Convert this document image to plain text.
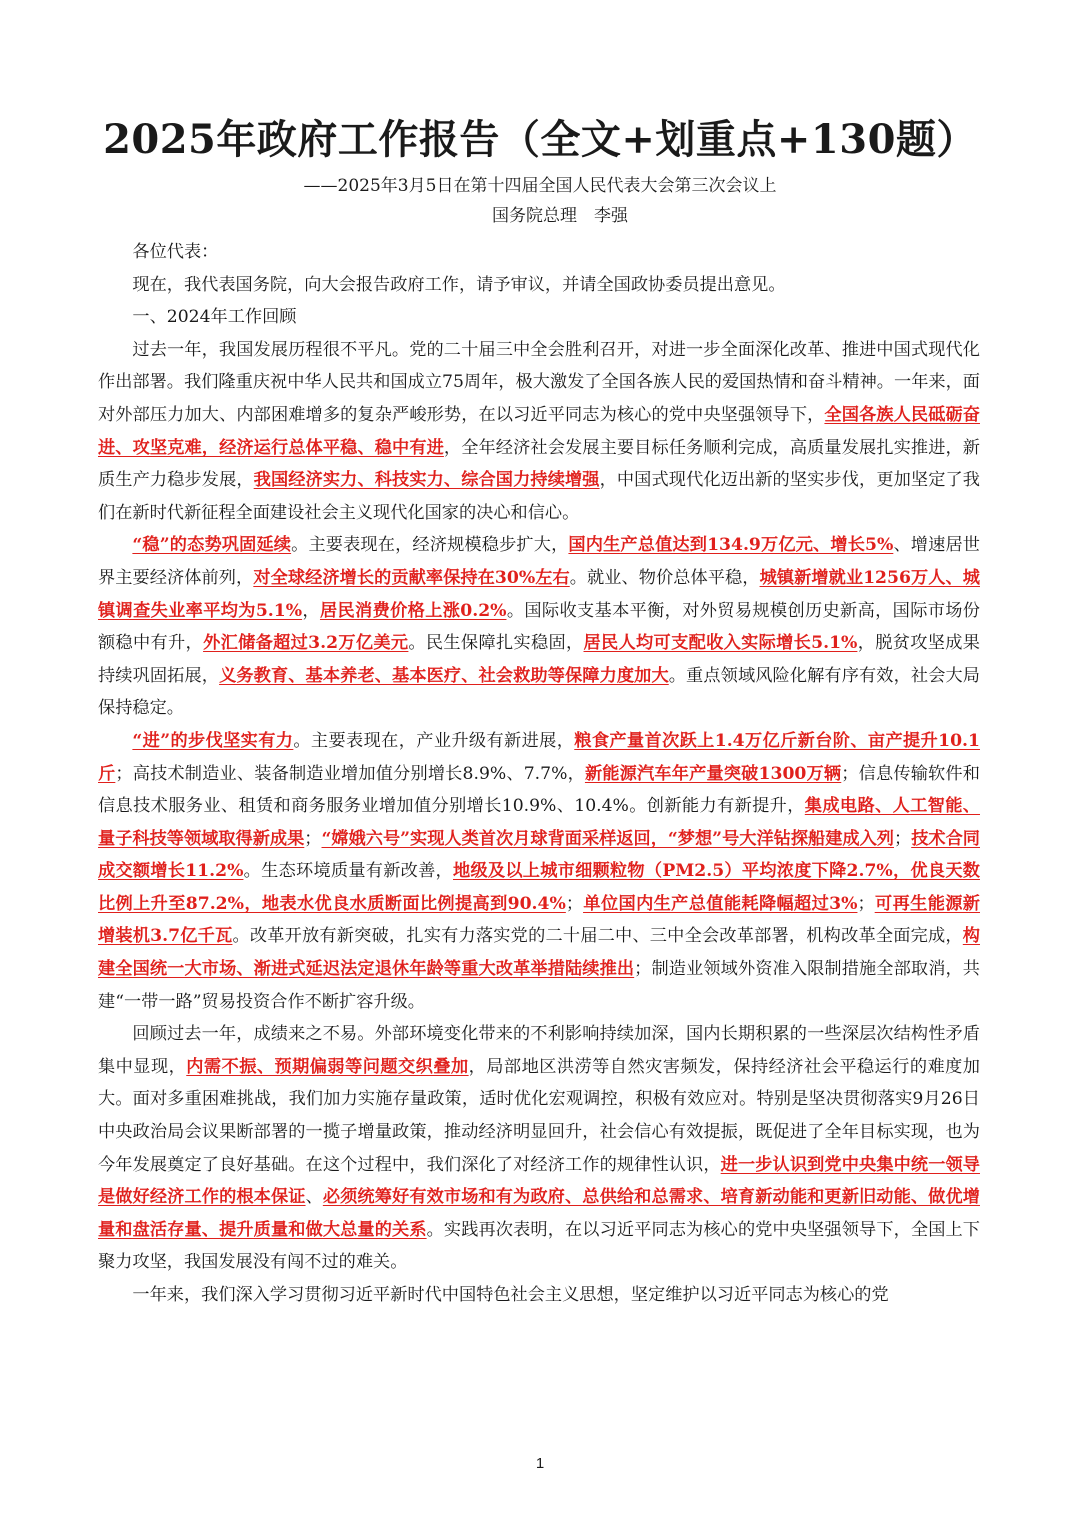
2025年政府工作报告（全文+划重点+130题）
——2025年3月5日在第十四届全国人民代表大会第三次会议上
国务院总理　李强

各位代表：

现在，我代表国务院，向大会报告政府工作，请予审议，并请全国政协委员提出意见。

一、2024年工作回顾

过去一年，我国发展历程很不平凡。党的二十届三中全会胜利召开，对进一步全面深化改革、推进中国式现代化作出部署。我们隆重庆祝中华人民共和国成立75周年，极大激发了全国各族人民的爱国热情和奋斗精神。一年来，面对外部压力加大、内部困难增多的复杂严峻形势，在以习近平同志为核心的党中央坚强领导下，全国各族人民砥砺奋进、攻坚克难，经济运行总体平稳、稳中有进，全年经济社会发展主要目标任务顺利完成，高质量发展扎实推进，新质生产力稳步发展，我国经济实力、科技实力、综合国力持续增强，中国式现代化迈出新的坚实步伐，更加坚定了我们在新时代新征程全面建设社会主义现代化国家的决心和信心。

“稳”的态势巩固延续。主要表现在，经济规模稳步扩大，国内生产总值达到134.9万亿元、增长5%、增速居世界主要经济体前列，对全球经济增长的贡献率保持在30%左右。就业、物价总体平稳，城镇新增就业1256万人、城镇调查失业率平均为5.1%，居民消费价格上涨0.2%。国际收支基本平衡，对外贸易规模创历史新高，国际市场份额稳中有升，外汇储备超过3.2万亿美元。民生保障扎实稳固，居民人均可支配收入实际增长5.1%，脱贫攻坚成果持续巩固拓展，义务教育、基本养老、基本医疗、社会救助等保障力度加大。重点领域风险化解有序有效，社会大局保持稳定。

“进”的步伐坚实有力。主要表现在，产业升级有新进展，粮食产量首次跃上1.4万亿斤新台阶、亩产提升10.1斤；高技术制造业、装备制造业增加值分别增长8.9%、7.7%，新能源汽车年产量突破1300万辆；信息传输软件和信息技术服务业、租赁和商务服务业增加值分别增长10.9%、10.4%。创新能力有新提升，集成电路、人工智能、量子科技等领域取得新成果；“嫦娥六号”实现人类首次月球背面采样返回，“梦想”号大洋钻探船建成入列；技术合同成交额增长11.2%。生态环境质量有新改善，地级及以上城市细颗粒物（PM2.5）平均浓度下降2.7%，优良天数比例上升至87.2%，地表水优良水质断面比例提高到90.4%；单位国内生产总值能耗降幅超过3%；可再生能源新增装机3.7亿千瓦。改革开放有新突破，扎实有力落实党的二十届二中、三中全会改革部署，机构改革全面完成，构建全国统一大市场、渐进式延迟法定退休年龄等重大改革举措陆续推出；制造业领域外资准入限制措施全部取消，共建“一带一路”贸易投资合作不断扩容升级。

回顾过去一年，成绩来之不易。外部环境变化带来的不利影响持续加深，国内长期积累的一些深层次结构性矛盾集中显现，内需不振、预期偏弱等问题交织叠加，局部地区洪涝等自然灾害频发，保持经济社会平稳运行的难度加大。面对多重困难挑战，我们加力实施存量政策，适时优化宏观调控，积极有效应对。特别是坚决贯彻落实9月26日中央政治局会议果断部署的一揽子增量政策，推动经济明显回升，社会信心有效提振，既促进了全年目标实现，也为今年发展奠定了良好基础。在这个过程中，我们深化了对经济工作的规律性认识，进一步认识到党中央集中统一领导是做好经济工作的根本保证、必须统筹好有效市场和有为政府、总供给和总需求、培育新动能和更新旧动能、做优增量和盘活存量、提升质量和做大总量的关系。实践再次表明，在以习近平同志为核心的党中央坚强领导下，全国上下聚力攻坚，我国发展没有闯不过的难关。

一年来，我们深入学习贯彻习近平新时代中国特色社会主义思想，坚定维护以习近平同志为核心的党

1
